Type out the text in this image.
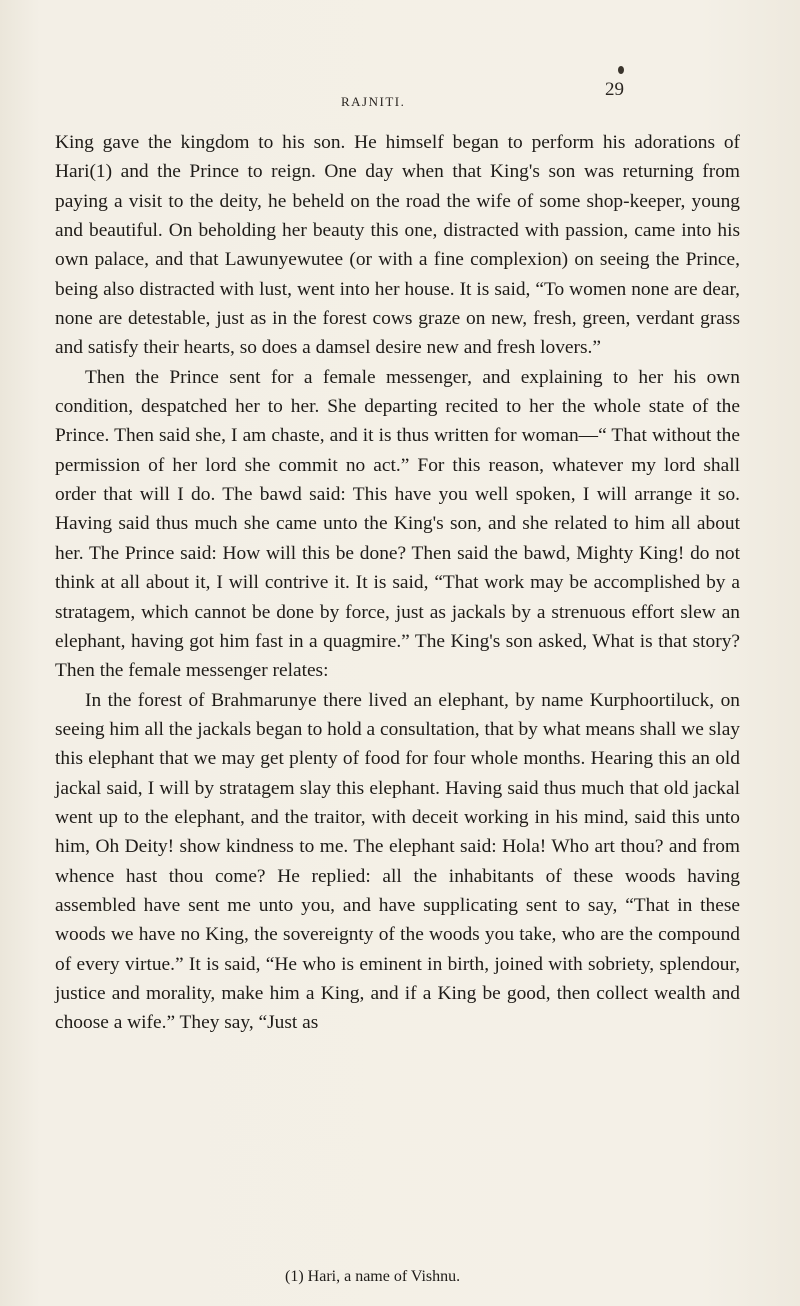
RAJNITI.
29

King gave the kingdom to his son. He himself began to perform his adorations of Hari(1) and the Prince to reign. One day when that King's son was returning from paying a visit to the deity, he beheld on the road the wife of some shop-keeper, young and beautiful. On beholding her beauty this one, distracted with passion, came into his own palace, and that Lawunyewutee (or with a fine complexion) on seeing the Prince, being also distracted with lust, went into her house. It is said, “To women none are dear, none are detestable, just as in the forest cows graze on new, fresh, green, verdant grass and satisfy their hearts, so does a damsel desire new and fresh lovers.”

Then the Prince sent for a female messenger, and explaining to her his own condition, despatched her to her. She departing recited to her the whole state of the Prince. Then said she, I am chaste, and it is thus written for woman—“ That without the permission of her lord she commit no act.” For this reason, whatever my lord shall order that will I do. The bawd said: This have you well spoken, I will arrange it so. Having said thus much she came unto the King's son, and she related to him all about her. The Prince said: How will this be done? Then said the bawd, Mighty King! do not think at all about it, I will contrive it. It is said, “That work may be accomplished by a stratagem, which cannot be done by force, just as jackals by a strenuous effort slew an elephant, having got him fast in a quagmire.” The King's son asked, What is that story? Then the female messenger relates:

In the forest of Brahmarunye there lived an elephant, by name Kurphoortiluck, on seeing him all the jackals began to hold a consultation, that by what means shall we slay this elephant that we may get plenty of food for four whole months. Hearing this an old jackal said, I will by stratagem slay this elephant. Having said thus much that old jackal went up to the elephant, and the traitor, with deceit working in his mind, said this unto him, Oh Deity! show kindness to me. The elephant said: Hola! Who art thou? and from whence hast thou come? He replied: all the inhabitants of these woods having assembled have sent me unto you, and have supplicating sent to say, “That in these woods we have no King, the sovereignty of the woods you take, who are the compound of every virtue.” It is said, “He who is eminent in birth, joined with sobriety, splendour, justice and morality, make him a King, and if a King be good, then collect wealth and choose a wife.” They say, “Just as

(1) Hari, a name of Vishnu.
